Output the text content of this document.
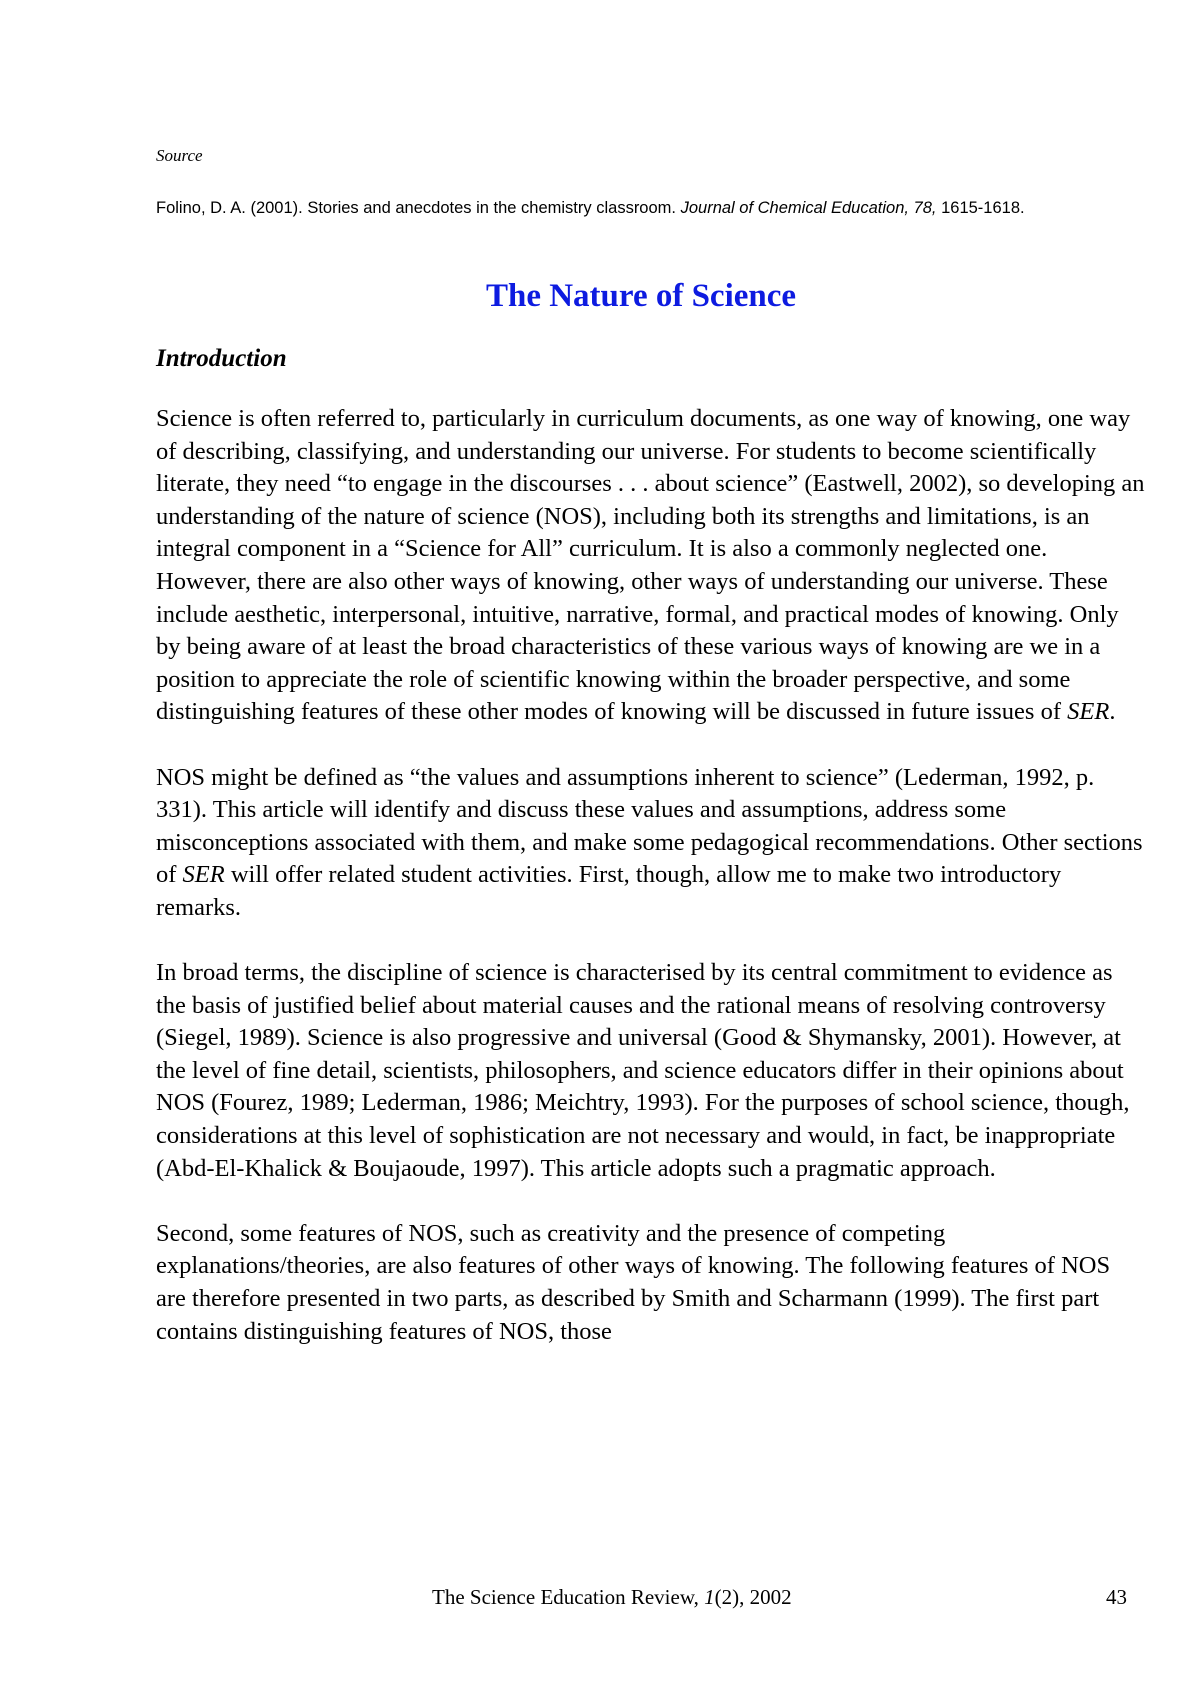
Source

Folino, D. A. (2001). Stories and anecdotes in the chemistry classroom. Journal of Chemical Education, 78, 1615-1618.

The Nature of Science
Introduction

Science is often referred to, particularly in curriculum documents, as one way of knowing, one way of describing, classifying, and understanding our universe. For students to become scientifically literate, they need “to engage in the discourses . . . about science” (Eastwell, 2002), so developing an understanding of the nature of science (NOS), including both its strengths and limitations, is an integral component in a “Science for All” curriculum. It is also a commonly neglected one. However, there are also other ways of knowing, other ways of understanding our universe. These include aesthetic, interpersonal, intuitive, narrative, formal, and practical modes of knowing. Only by being aware of at least the broad characteristics of these various ways of knowing are we in a position to appreciate the role of scientific knowing within the broader perspective, and some distinguishing features of these other modes of knowing will be discussed in future issues of SER.

NOS might be defined as “the values and assumptions inherent to science” (Lederman, 1992, p. 331). This article will identify and discuss these values and assumptions, address some misconceptions associated with them, and make some pedagogical recommendations. Other sections of SER will offer related student activities. First, though, allow me to make two introductory remarks.

In broad terms, the discipline of science is characterised by its central commitment to evidence as the basis of justified belief about material causes and the rational means of resolving controversy (Siegel, 1989). Science is also progressive and universal (Good & Shymansky, 2001). However, at the level of fine detail, scientists, philosophers, and science educators differ in their opinions about NOS (Fourez, 1989; Lederman, 1986; Meichtry, 1993). For the purposes of school science, though, considerations at this level of sophistication are not necessary and would, in fact, be inappropriate (Abd-El-Khalick & Boujaoude, 1997). This article adopts such a pragmatic approach.

Second, some features of NOS, such as creativity and the presence of competing explanations/theories, are also features of other ways of knowing. The following features of NOS are therefore presented in two parts, as described by Smith and Scharmann (1999). The first part contains distinguishing features of NOS, those

The Science Education Review, 1(2), 2002	43
